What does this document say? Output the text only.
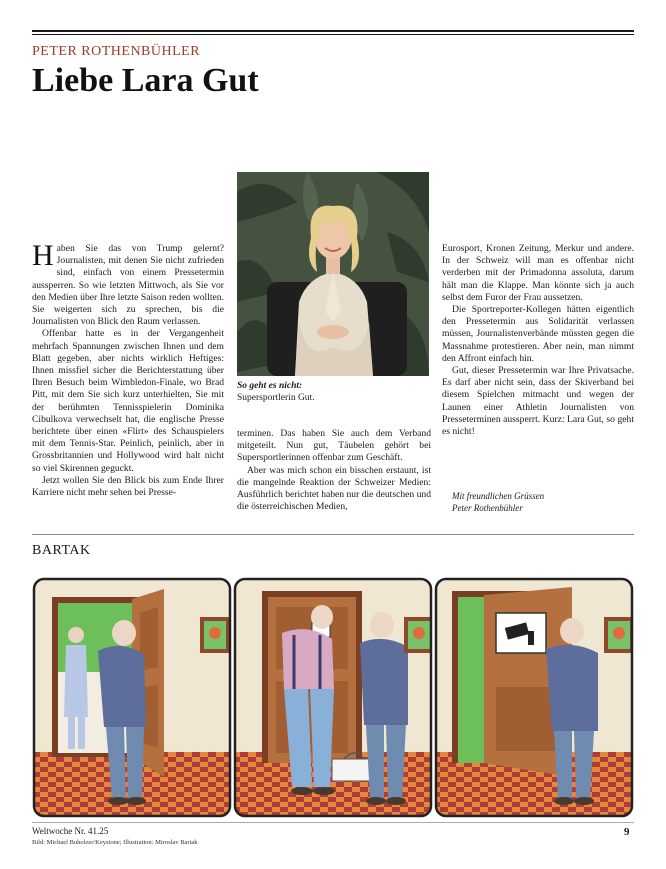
PETER ROTHENBÜHLER
Liebe Lara Gut
So geht es nicht:
Supersportlerin Gut.

Haben Sie das von Trump gelernt? Journalisten, mit denen Sie nicht zufrieden sind, einfach von einem Pressetermin aussperren. So wie letzten Mittwoch, als Sie vor den Medien über Ihre letzte Saison reden wollten. Sie weigerten sich zu sprechen, bis die Journalisten von Blick den Raum verlassen.

Offenbar hatte es in der Vergangenheit mehrfach Spannungen zwischen Ihnen und dem Blatt gegeben, aber nichts wirklich Heftiges: Ihnen missfiel sicher die Berichterstattung über Ihren Besuch beim Wimbledon-Finale, wo Brad Pitt, mit dem Sie sich kurz unterhielten, Sie mit der berühmten Tennisspielerin Dominika Cibulkova verwechselt hat, die englische Presse berichtete über einen «Flirt» des Schauspielers mit dem Tennis-Star. Peinlich, peinlich, aber in Grossbritannien und Hollywood wird halt nicht so viel Skirennen geguckt.

Jetzt wollen Sie den Blick bis zum Ende Ihrer Karriere nicht mehr sehen bei Presse-

terminen. Das haben Sie auch dem Verband mitgeteilt. Nun gut, Täubelen gehört bei Supersportlerinnen offenbar zum Geschäft.

Aber was mich schon ein bisschen erstaunt, ist die mangelnde Reaktion der Schweizer Medien: Ausführlich berichtet haben nur die deutschen und die österreichischen Medien,

Eurosport, Kronen Zeitung, Merkur und andere. In der Schweiz will man es offenbar nicht verderben mit der Primadonna assoluta, darum hält man die Klappe. Man könnte sich ja auch selbst dem Furor der Frau aussetzen.

Die Sportreporter-Kollegen hätten eigentlich den Pressetermin aus Solidarität verlassen müssen, Journalistenverbände müssten gegen die Massnahme protestieren. Aber nein, man nimmt den Affront einfach hin.

Gut, dieser Pressetermin war Ihre Privatsache. Es darf aber nicht sein, dass der Skiverband bei diesem Spielchen mitmacht und wegen der Launen einer Athletin Journalisten von Presseterminen aussperrt. Kurz: Lara Gut, so geht es nicht!

Mit freundlichen Grüssen
Peter Rothenbühler
BARTAK
Weltwoche Nr. 41.25
Bild: Michael Buholzer/Keystone; Illustration: Miroslav Bartak
9
